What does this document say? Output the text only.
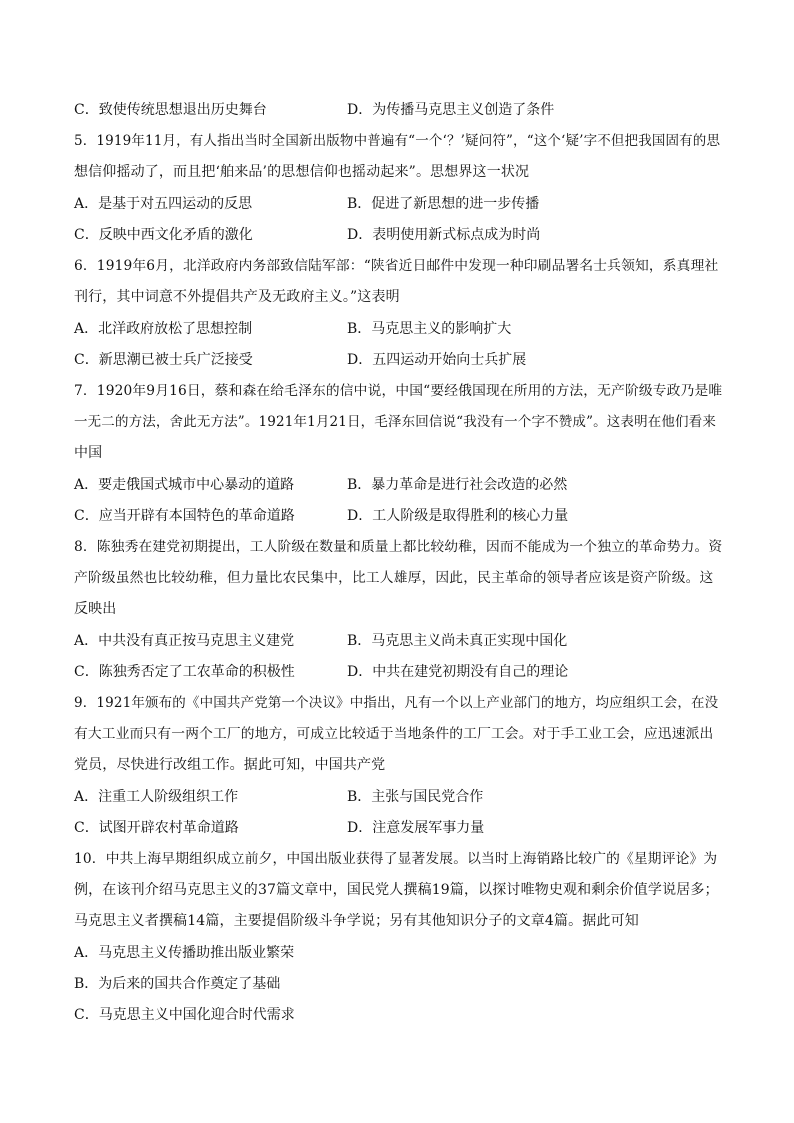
C．致使传统思想退出历史舞台	D．为传播马克思主义创造了条件
5．1919年11月，有人指出当时全国新出版物中普遍有“一个‘？’疑问符”，“这个‘疑’字不但把我国固有的思
想信仰摇动了，而且把‘舶来品’的思想信仰也摇动起来”。思想界这一状况
A．是基于对五四运动的反思	B．促进了新思想的进一步传播
C．反映中西文化矛盾的激化	D．表明使用新式标点成为时尚
6．1919年6月，北洋政府内务部致信陆军部：“陕省近日邮件中发现一种印刷品署名士兵领知，系真理社
刊行，其中词意不外提倡共产及无政府主义。”这表明
A．北洋政府放松了思想控制	B．马克思主义的影响扩大
C．新思潮已被士兵广泛接受	D．五四运动开始向士兵扩展
7．1920年9月16日，蔡和森在给毛泽东的信中说，中国“要经俄国现在所用的方法，无产阶级专政乃是唯
一无二的方法，舍此无方法”。1921年1月21日，毛泽东回信说“我没有一个字不赞成”。这表明在他们看来
中国
A．要走俄国式城市中心暴动的道路	B．暴力革命是进行社会改造的必然
C．应当开辟有本国特色的革命道路	D．工人阶级是取得胜利的核心力量
8．陈独秀在建党初期提出，工人阶级在数量和质量上都比较幼稚，因而不能成为一个独立的革命势力。资
产阶级虽然也比较幼稚，但力量比农民集中，比工人雄厚，因此，民主革命的领导者应该是资产阶级。这
反映出
A．中共没有真正按马克思主义建党	B．马克思主义尚未真正实现中国化
C．陈独秀否定了工农革命的积极性	D．中共在建党初期没有自己的理论
9．1921年颁布的《中国共产党第一个决议》中指出，凡有一个以上产业部门的地方，均应组织工会，在没
有大工业而只有一两个工厂的地方，可成立比较适于当地条件的工厂工会。对于手工业工会，应迅速派出
党员，尽快进行改组工作。据此可知，中国共产党
A．注重工人阶级组织工作	B．主张与国民党合作
C．试图开辟农村革命道路	D．注意发展军事力量
10．中共上海早期组织成立前夕，中国出版业获得了显著发展。以当时上海销路比较广的《星期评论》为
例，在该刊介绍马克思主义的37篇文章中，国民党人撰稿19篇，以探讨唯物史观和剩余价值学说居多；
马克思主义者撰稿14篇，主要提倡阶级斗争学说；另有其他知识分子的文章4篇。据此可知
A．马克思主义传播助推出版业繁荣
B．为后来的国共合作奠定了基础
C．马克思主义中国化迎合时代需求
